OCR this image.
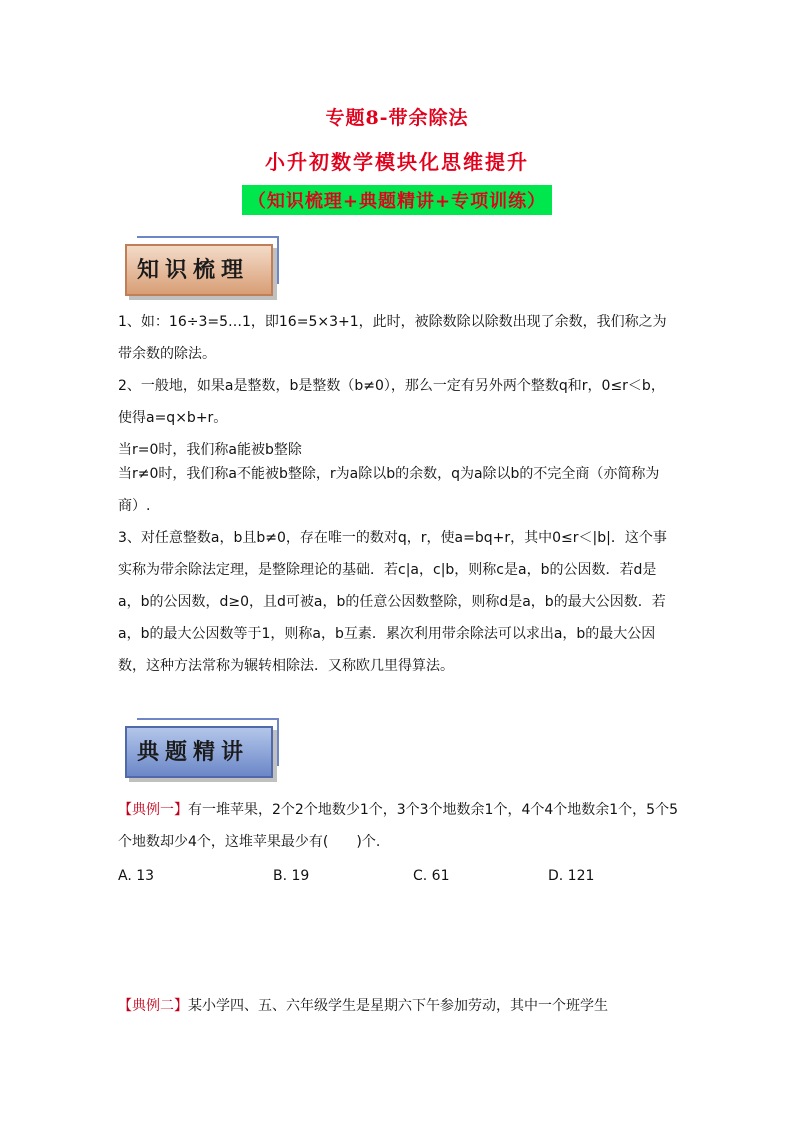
专题8-带余除法
小升初数学模块化思维提升
（知识梳理+典题精讲+专项训练）
知识梳理

1、如：16÷3=5…1，即16=5×3+1，此时，被除数除以除数出现了余数，我们称之为带余数的除法。

2、一般地，如果a是整数，b是整数（b≠0），那么一定有另外两个整数q和r，0≤r＜b，使得a=q×b+r。

当r=0时，我们称a能被b整除

当r≠0时，我们称a不能被b整除，r为a除以b的余数，q为a除以b的不完全商（亦简称为商）.

3、对任意整数a，b且b≠0，存在唯一的数对q，r，使a=bq+r，其中0≤r＜|b|．这个事实称为带余除法定理，是整除理论的基础．若c|a，c|b，则称c是a，b的公因数．若d是a，b的公因数，d≥0，且d可被a，b的任意公因数整除，则称d是a，b的最大公因数．若a，b的最大公因数等于1，则称a，b互素．累次利用带余除法可以求出a，b的最大公因数，这种方法常称为辗转相除法．又称欧几里得算法。

典题精讲

【典例一】有一堆苹果，2个2个地数少1个，3个3个地数余1个，4个4个地数余1个，5个5个地数却少4个，这堆苹果最少有(　　)个.

A. 13	B. 19	C. 61	D. 121

【典例二】某小学四、五、六年级学生是星期六下午参加劳动，其中一个班学生
